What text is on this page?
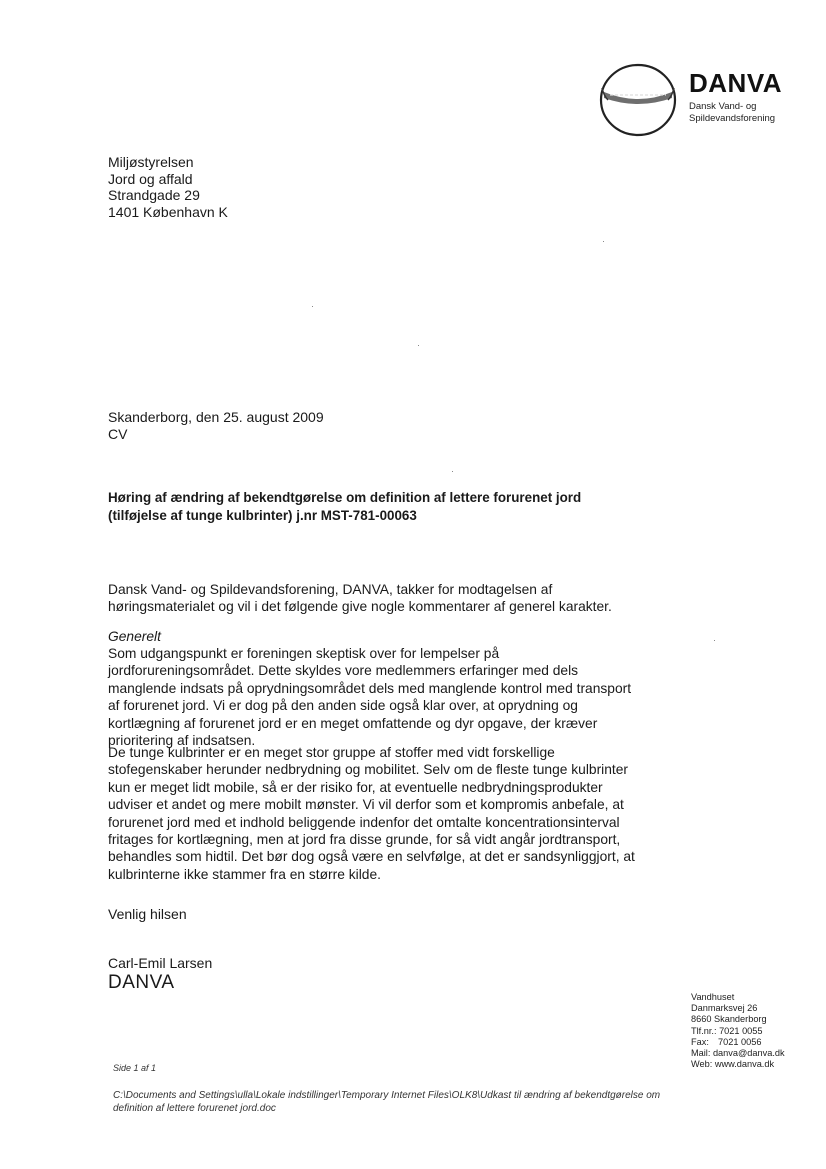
DANVA
Dansk Vand- og
Spildevandsforening
Miljøstyrelsen
Jord og affald
Strandgade 29
1401 København K
Skanderborg, den 25. august 2009
CV
Høring af ændring af bekendtgørelse om definition af lettere forurenet jord (tilføjelse af tunge kulbrinter) j.nr MST-781-00063
Dansk Vand- og Spildevandsforening, DANVA, takker for modtagelsen af høringsmaterialet og vil i det følgende give nogle kommentarer af generel karakter.
Generelt
Som udgangspunkt er foreningen skeptisk over for lempelser på jordforureningsområdet. Dette skyldes vore medlemmers erfaringer med dels manglende indsats på oprydningsområdet dels med manglende kontrol med transport af forurenet jord. Vi er dog på den anden side også klar over, at oprydning og kortlægning af forurenet jord er en meget omfattende og dyr opgave, der kræver prioritering af indsatsen.
De tunge kulbrinter er en meget stor gruppe af stoffer med vidt forskellige stofegenskaber herunder nedbrydning og mobilitet. Selv om de fleste tunge kulbrinter kun er meget lidt mobile, så er der risiko for, at eventuelle nedbrydningsprodukter udviser et andet og mere mobilt mønster. Vi vil derfor som et kompromis anbefale, at forurenet jord med et indhold beliggende indenfor det omtalte koncentrationsinterval fritages for kortlægning, men at jord fra disse grunde, for så vidt angår jordtransport, behandles som hidtil. Det bør dog også være en selvfølge, at det er sandsynliggjort, at kulbrinterne ikke stammer fra en større kilde.
Venlig hilsen
Carl-Emil Larsen
DANVA
Vandhuset
Danmarksvej 26
8660 Skanderborg
Tlf.nr.: 7021 0055
Fax: 7021 0056
Mail: danva@danva.dk
Web: www.danva.dk
Side 1 af 1
C:\Documents and Settings\ulla\Lokale indstillinger\Temporary Internet Files\OLK8\Udkast til ændring af bekendtgørelse om definition af lettere forurenet jord.doc
